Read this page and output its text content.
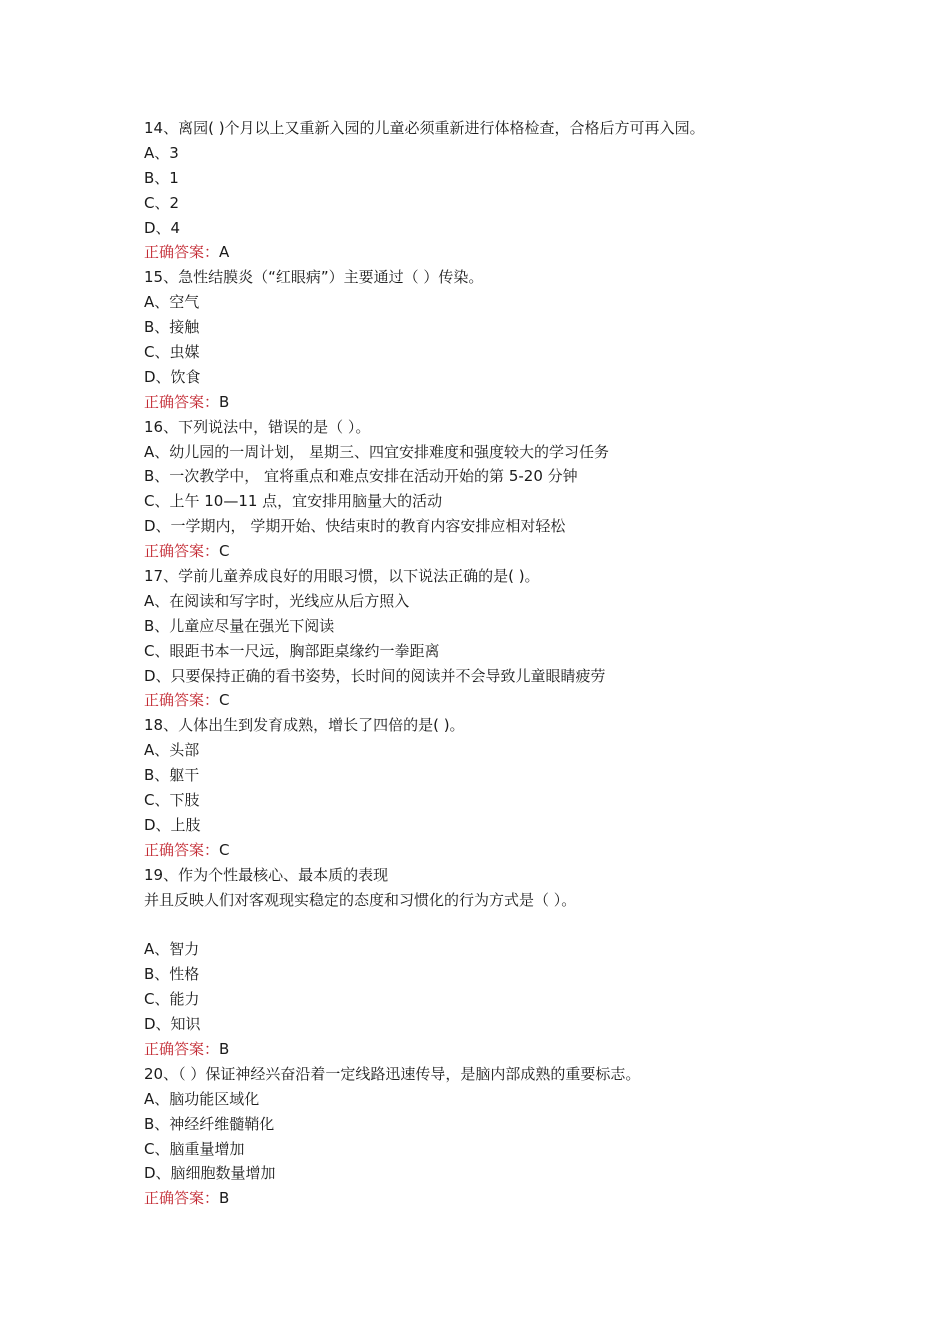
14、离园( )个月以上又重新入园的儿童必须重新进行体格检查，合格后方可再入园。
A、3
B、1
C、2
D、4
正确答案：A
15、急性结膜炎（“红眼病”）主要通过（ ）传染。
A、空气
B、接触
C、虫媒
D、饮食
正确答案：B
16、下列说法中，错误的是（ ）。
A、幼儿园的一周计划， 星期三、四宜安排难度和强度较大的学习任务
B、一次教学中， 宜将重点和难点安排在活动开始的第 5-20 分钟
C、上午 10—11 点，宜安排用脑量大的活动
D、一学期内， 学期开始、快结束时的教育内容安排应相对轻松
正确答案：C
17、学前儿童养成良好的用眼习惯，以下说法正确的是( )。
A、在阅读和写字时，光线应从后方照入
B、儿童应尽量在强光下阅读
C、眼距书本一尺远，胸部距桌缘约一拳距离
D、只要保持正确的看书姿势，长时间的阅读并不会导致儿童眼睛疲劳
正确答案：C
18、人体出生到发育成熟，增长了四倍的是( )。
A、头部
B、躯干
C、下肢
D、上肢
正确答案：C
19、作为个性最核心、最本质的表现
并且反映人们对客观现实稳定的态度和习惯化的行为方式是（ ）。
A、智力
B、性格
C、能力
D、知识
正确答案：B
20、（ ）保证神经兴奋沿着一定线路迅速传导，是脑内部成熟的重要标志。
A、脑功能区域化
B、神经纤维髓鞘化
C、脑重量增加
D、脑细胞数量增加
正确答案：B
